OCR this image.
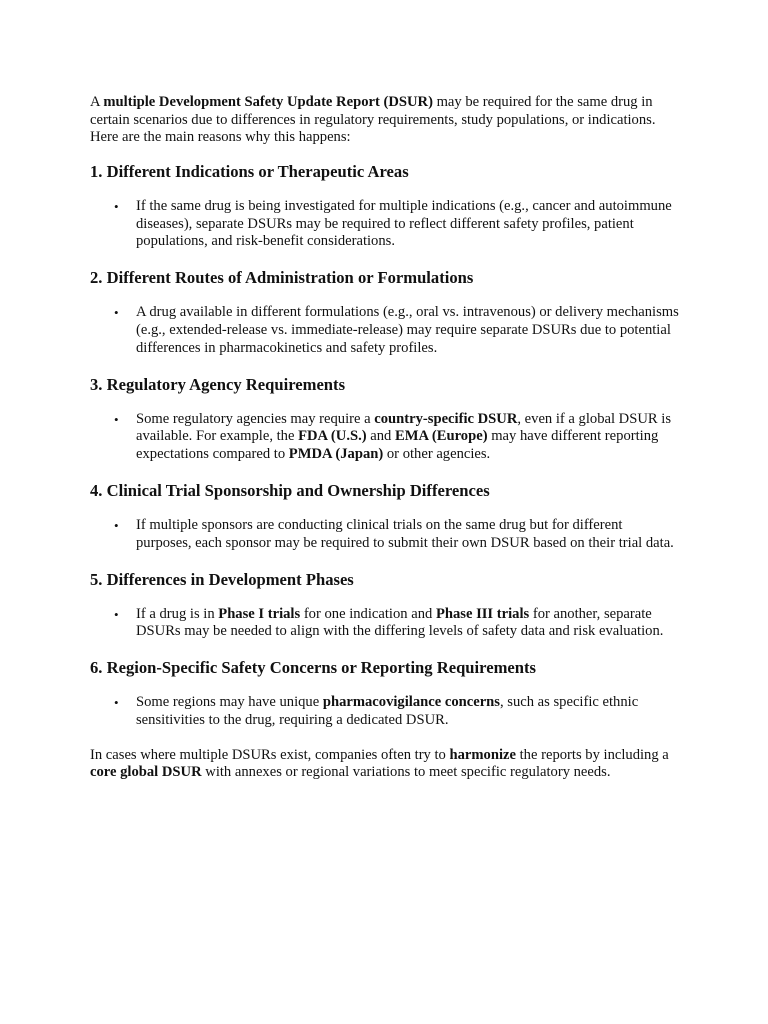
A multiple Development Safety Update Report (DSUR) may be required for the same drug in certain scenarios due to differences in regulatory requirements, study populations, or indications. Here are the main reasons why this happens:

1. Different Indications or Therapeutic Areas
• If the same drug is being investigated for multiple indications (e.g., cancer and autoimmune diseases), separate DSURs may be required to reflect different safety profiles, patient populations, and risk-benefit considerations.
2. Different Routes of Administration or Formulations
• A drug available in different formulations (e.g., oral vs. intravenous) or delivery mechanisms (e.g., extended-release vs. immediate-release) may require separate DSURs due to potential differences in pharmacokinetics and safety profiles.
3. Regulatory Agency Requirements
• Some regulatory agencies may require a country-specific DSUR, even if a global DSUR is available. For example, the FDA (U.S.) and EMA (Europe) may have different reporting expectations compared to PMDA (Japan) or other agencies.
4. Clinical Trial Sponsorship and Ownership Differences
• If multiple sponsors are conducting clinical trials on the same drug but for different purposes, each sponsor may be required to submit their own DSUR based on their trial data.
5. Differences in Development Phases
• If a drug is in Phase I trials for one indication and Phase III trials for another, separate DSURs may be needed to align with the differing levels of safety data and risk evaluation.
6. Region-Specific Safety Concerns or Reporting Requirements
• Some regions may have unique pharmacovigilance concerns, such as specific ethnic sensitivities to the drug, requiring a dedicated DSUR.

In cases where multiple DSURs exist, companies often try to harmonize the reports by including a core global DSUR with annexes or regional variations to meet specific regulatory needs.
